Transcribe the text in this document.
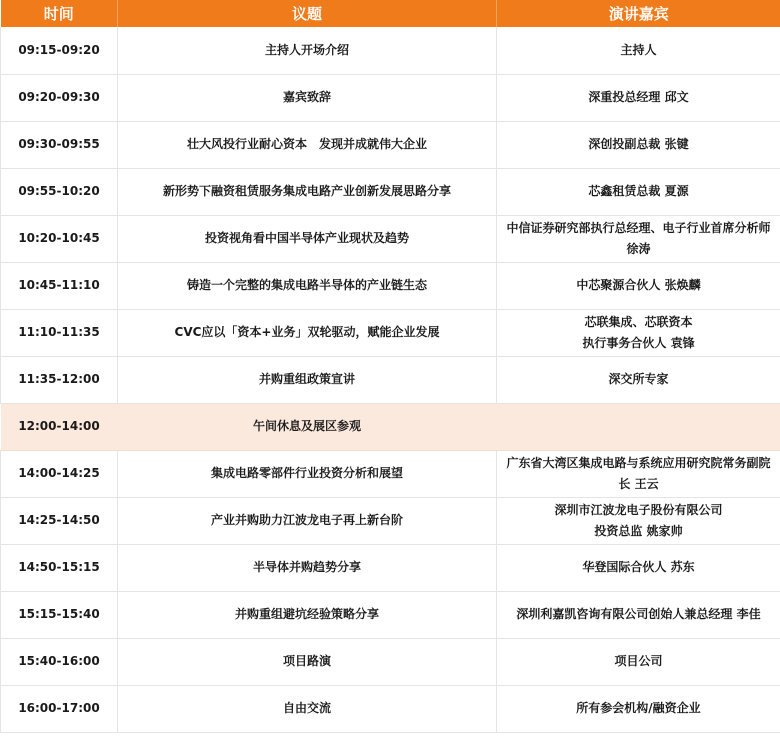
时间	议题	演讲嘉宾
09:15-09:20	主持人开场介绍	主持人

09:20-09:30	嘉宾致辞	深重投总经理 邱文

09:30-09:55	壮大风投行业耐心资本　发现并成就伟大企业	深创投副总裁 张键

09:55-10:20	新形势下融资租赁服务集成电路产业创新发展思路分享	芯鑫租赁总裁 夏源

10:20-10:45	投资视角看中国半导体产业现状及趋势	中信证券研究部执行总经理、电子行业首席分析师
徐涛

10:45-11:10	铸造一个完整的集成电路半导体的产业链生态	中芯聚源合伙人 张焕麟

11:10-11:35	CVC应以「资本+业务」双轮驱动，赋能企业发展	芯联集成、芯联资本
执行事务合伙人 袁锋

11:35-12:00	并购重组政策宣讲	深交所专家

12:00-14:00	午间休息及展区参观	
14:00-14:25	集成电路零部件行业投资分析和展望	广东省大湾区集成电路与系统应用研究院常务副院
长 王云

14:25-14:50	产业并购助力江波龙电子再上新台阶	深圳市江波龙电子股份有限公司
投资总监 姚家帅

14:50-15:15	半导体并购趋势分享	华登国际合伙人 苏东

15:15-15:40	并购重组避坑经验策略分享	深圳利嘉凯咨询有限公司创始人兼总经理 李佳

15:40-16:00	项目路演	项目公司

16:00-17:00	自由交流	所有参会机构/融资企业
